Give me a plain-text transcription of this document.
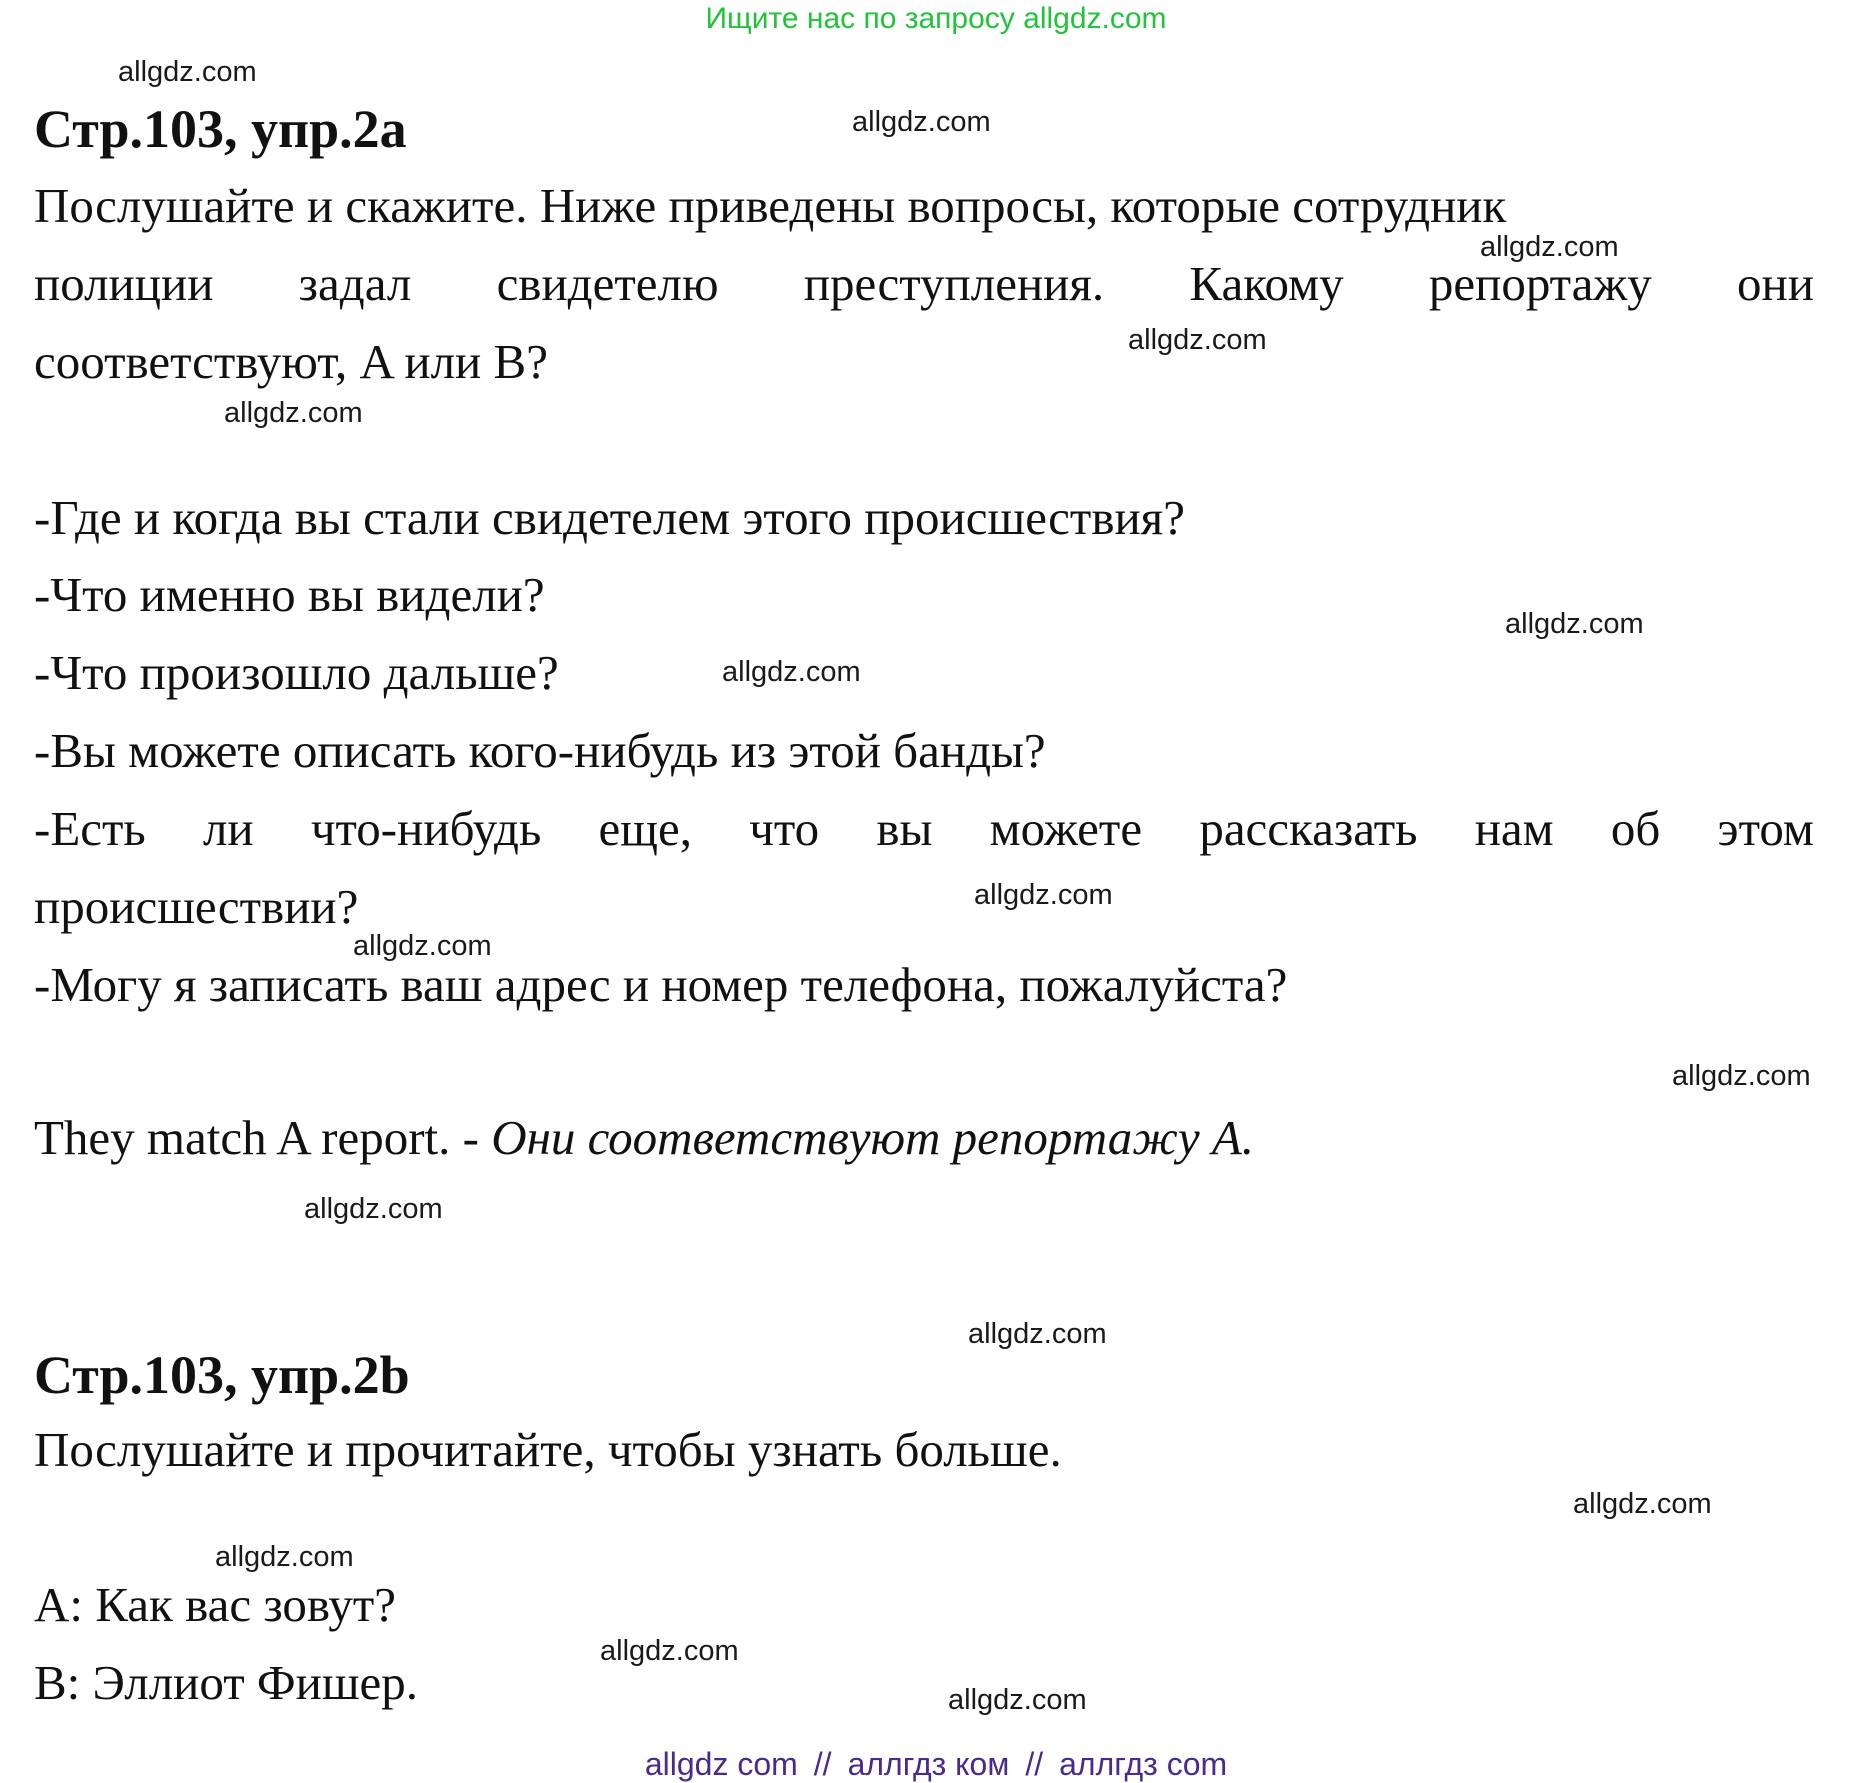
Ищите нас по запросу allgdz.com
allgdz.com
allgdz.com
allgdz.com
allgdz.com
allgdz.com
allgdz.com
allgdz.com
allgdz.com
allgdz.com
allgdz.com
allgdz.com
allgdz.com
allgdz.com
allgdz.com
allgdz.com
allgdz.com
Стр.103, упр.2a
Послушайте и скажите. Ниже приведены вопросы, которые сотрудник
полиции задал свидетелю преступления. Какому репортажу они
соответствуют, A или B?
-Где и когда вы стали свидетелем этого происшествия?
-Что именно вы видели?
-Что произошло дальше?
-Вы можете описать кого-нибудь из этой банды?
-Есть ли что-нибудь еще, что вы можете рассказать нам об этом
происшествии?
-Могу я записать ваш адрес и номер телефона, пожалуйста?
They match A report. - Они соответствуют репортажу A.
Стр.103, упр.2b
Послушайте и прочитайте, чтобы узнать больше.
A: Как вас зовут?
B: Эллиот Фишер.
allgdz com // аллгдз ком // аллгдз com
